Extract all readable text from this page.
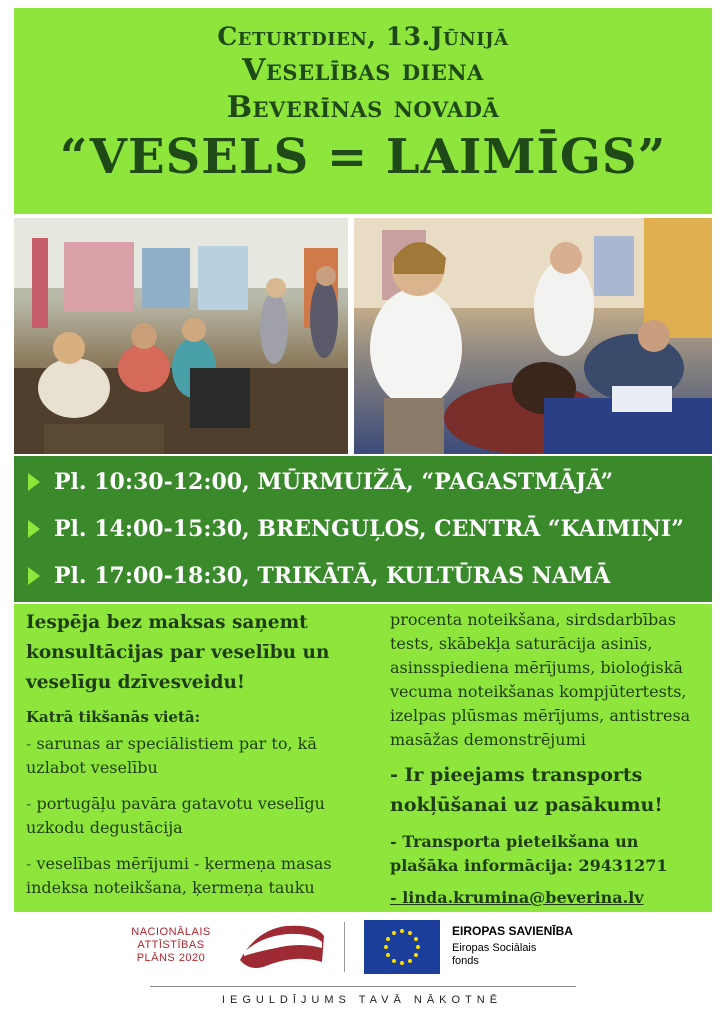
Ceturtdien, 13.Jūnijā
Veselības diena
Beverīnas novadā
“VESELS = LAIMĪGS”
Pl. 10:30-12:00, MŪRMUIŽĀ, “PAGASTMĀJĀ”
Pl. 14:00-15:30, BRENGUĻOS, CENTRĀ “KAIMIŅI”
Pl. 17:00-18:30, TRIKĀTĀ, KULTŪRAS NAMĀ
Iespēja bez maksas saņemt konsultācijas par veselību un veselīgu dzīvesveidu!
Katrā tikšanās vietā:
- sarunas ar speciālistiem par to, kā uzlabot veselību
- portugāļu pavāra gatavotu veselīgu uzkodu degustācija
- veselības mērījumi - ķermeņa masas indeksa noteikšana, ķermeņa tauku
procenta noteikšana, sirdsdarbības tests, skābekļa saturācija asinīs, asinsspiediena mērījums, bioloģiskā vecuma noteikšanas kompjūtertests, izelpas plūsmas mērījums, antistresa masāžas demonstrējumi
- Ir pieejams transports nokļūšanai uz pasākumu!
- Transporta pieteikšana un plašāka informācija: 29431271
- linda.krumina@beverina.lv
NACIONĀLAIS ATTĪSTĪBAS PLĀNS 2020
EIROPAS SAVIENĪBA
Eiropas Sociālais fonds
IEGULDĪJUMS TAVĀ NĀKOTNĒ
